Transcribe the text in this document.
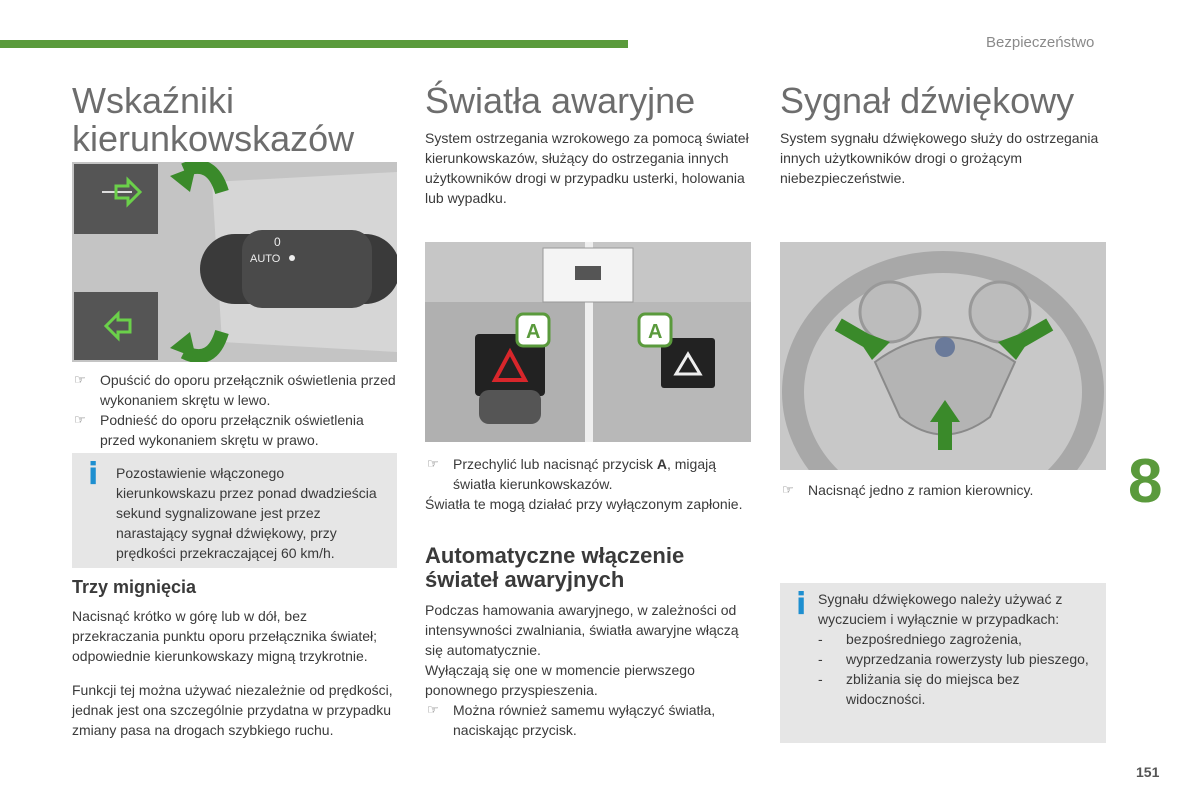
Bezpieczeństwo
Wskaźniki
kierunkowskazów
AUTO
0
☞ Opuścić do oporu przełącznik oświetlenia przed wykonaniem skrętu w lewo.
☞ Podnieść do oporu przełącznik oświetlenia przed wykonaniem skrętu w prawo.
i Pozostawienie włączonego kierunkowskazu przez ponad dwadzieścia sekund sygnalizowane jest przez narastający sygnał dźwiękowy, przy prędkości przekraczającej 60 km/h.

Trzy mignięcia

Nacisnąć krótko w górę lub w dół, bez przekraczania punktu oporu przełącznika świateł; odpowiednie kierunkowskazy migną trzykrotnie.

Funkcji tej można używać niezależnie od prędkości, jednak jest ona szczególnie przydatna w przypadku zmiany pasa na drogach szybkiego ruchu.

Światła awaryjne
System ostrzegania wzrokowego za pomocą świateł kierunkowskazów, służący do ostrzegania innych użytkowników drogi w przypadku usterki, holowania lub wypadku.
A	A
☞ Przechylić lub nacisnąć przycisk A, migają światła kierunkowskazów.

Światła te mogą działać przy wyłączonym zapłonie.

Automatyczne włączenie świateł awaryjnych

Podczas hamowania awaryjnego, w zależności od intensywności zwalniania, światła awaryjne włączą się automatycznie.

Wyłączają się one w momencie pierwszego ponownego przyspieszenia.

☞ Można również samemu wyłączyć światła, naciskając przycisk.
Sygnał dźwiękowy
System sygnału dźwiękowego służy do ostrzegania innych użytkowników drogi o grożącym niebezpieczeństwie.
☞ Nacisnąć jedno z ramion kierownicy.
i Sygnału dźwiękowego należy używać z wyczuciem i wyłącznie w przypadkach:

- bezpośredniego zagrożenia,
- wyprzedzania rowerzysty lub pieszego,
- zbliżania się do miejsca bez widoczności.
8
151
